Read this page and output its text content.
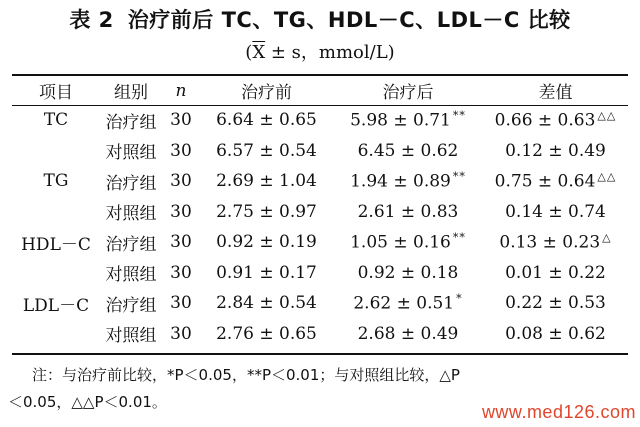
表 2 治疗前后 TC、TG、HDL－C、LDL－C 比较
($\overline{X} \pm s$，mmol/L)
项目	组别	n	治疗前	治疗后	差值
TC	治疗组	30	6.64 ± 0.65	5.98 ± 0.71 **	0.66 ± 0.63 △△
	对照组	30	6.57 ± 0.54	6.45 ± 0.62	0.12 ± 0.49
TG	治疗组	30	2.69 ± 1.04	1.94 ± 0.89 **	0.75 ± 0.64 △△
	对照组	30	2.75 ± 0.97	2.61 ± 0.83	0.14 ± 0.74
HDL－C	治疗组	30	0.92 ± 0.19	1.05 ± 0.16 **	0.13 ± 0.23 △
	对照组	30	0.91 ± 0.17	0.92 ± 0.18	0.01 ± 0.22
LDL－C	治疗组	30	2.84 ± 0.54	2.62 ± 0.51 *	0.22 ± 0.53
	对照组	30	2.76 ± 0.65	2.68 ± 0.49	0.08 ± 0.62
注：与治疗前比较，*P＜0.05，**P＜0.01；与对照组比较，△P
＜0.05，△△P＜0.01。	www.med126.com
